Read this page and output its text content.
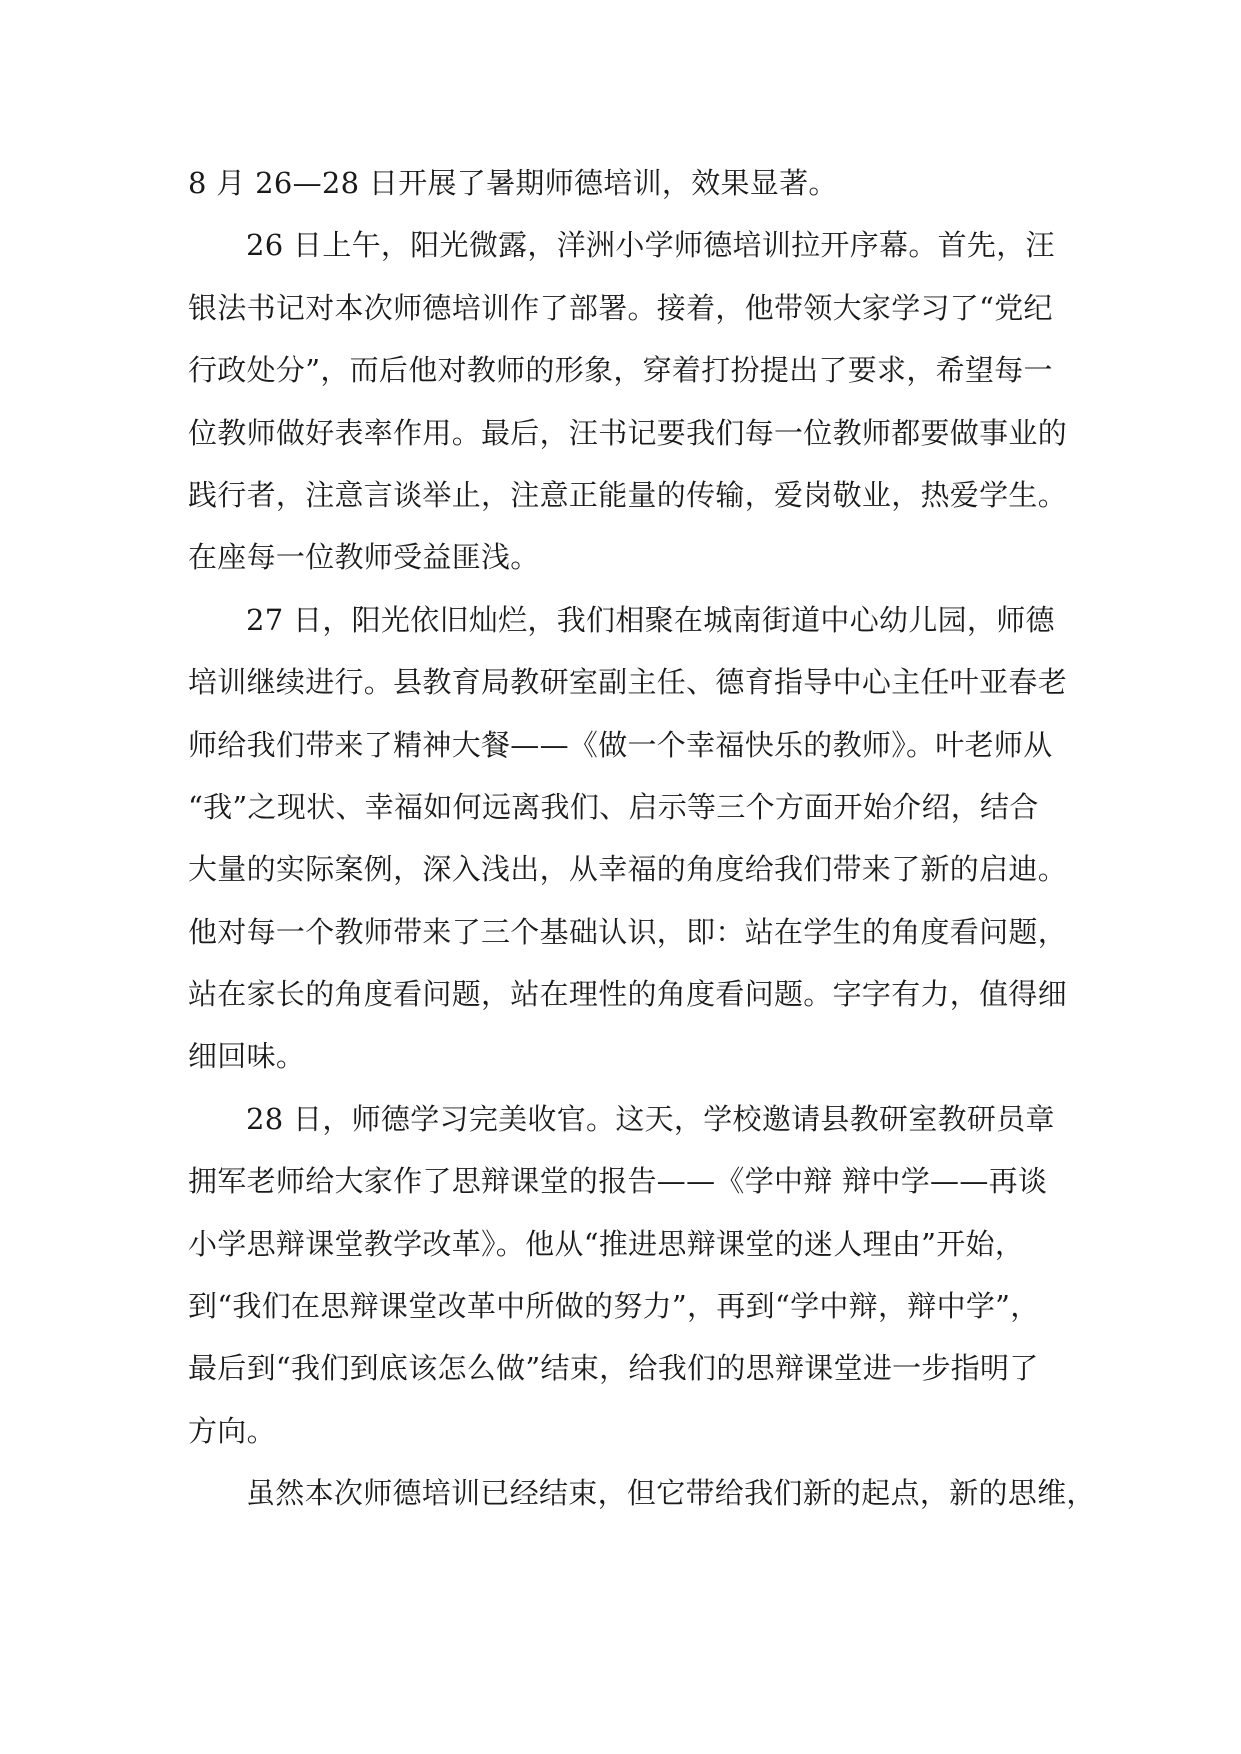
8 月 26—28 日开展了暑期师德培训，效果显著。
26 日上午，阳光微露，洋洲小学师德培训拉开序幕。首先，汪
银法书记对本次师德培训作了部署。接着，他带领大家学习了“党纪
行政处分”，而后他对教师的形象，穿着打扮提出了要求，希望每一
位教师做好表率作用。最后，汪书记要我们每一位教师都要做事业的
践行者，注意言谈举止，注意正能量的传输，爱岗敬业，热爱学生。
在座每一位教师受益匪浅。
27 日，阳光依旧灿烂，我们相聚在城南街道中心幼儿园，师德
培训继续进行。县教育局教研室副主任、德育指导中心主任叶亚春老
师给我们带来了精神大餐——《做一个幸福快乐的教师》。叶老师从
“我”之现状、幸福如何远离我们、启示等三个方面开始介绍，结合
大量的实际案例，深入浅出，从幸福的角度给我们带来了新的启迪。
他对每一个教师带来了三个基础认识，即：站在学生的角度看问题，
站在家长的角度看问题，站在理性的角度看问题。字字有力，值得细
细回味。
28 日，师德学习完美收官。这天，学校邀请县教研室教研员章
拥军老师给大家作了思辩课堂的报告——《学中辩 辩中学——再谈
小学思辩课堂教学改革》。他从“推进思辩课堂的迷人理由”开始，
到“我们在思辩课堂改革中所做的努力”，再到“学中辩，辩中学”，
最后到“我们到底该怎么做”结束，给我们的思辩课堂进一步指明了
方向。
虽然本次师德培训已经结束，但它带给我们新的起点，新的思维，
